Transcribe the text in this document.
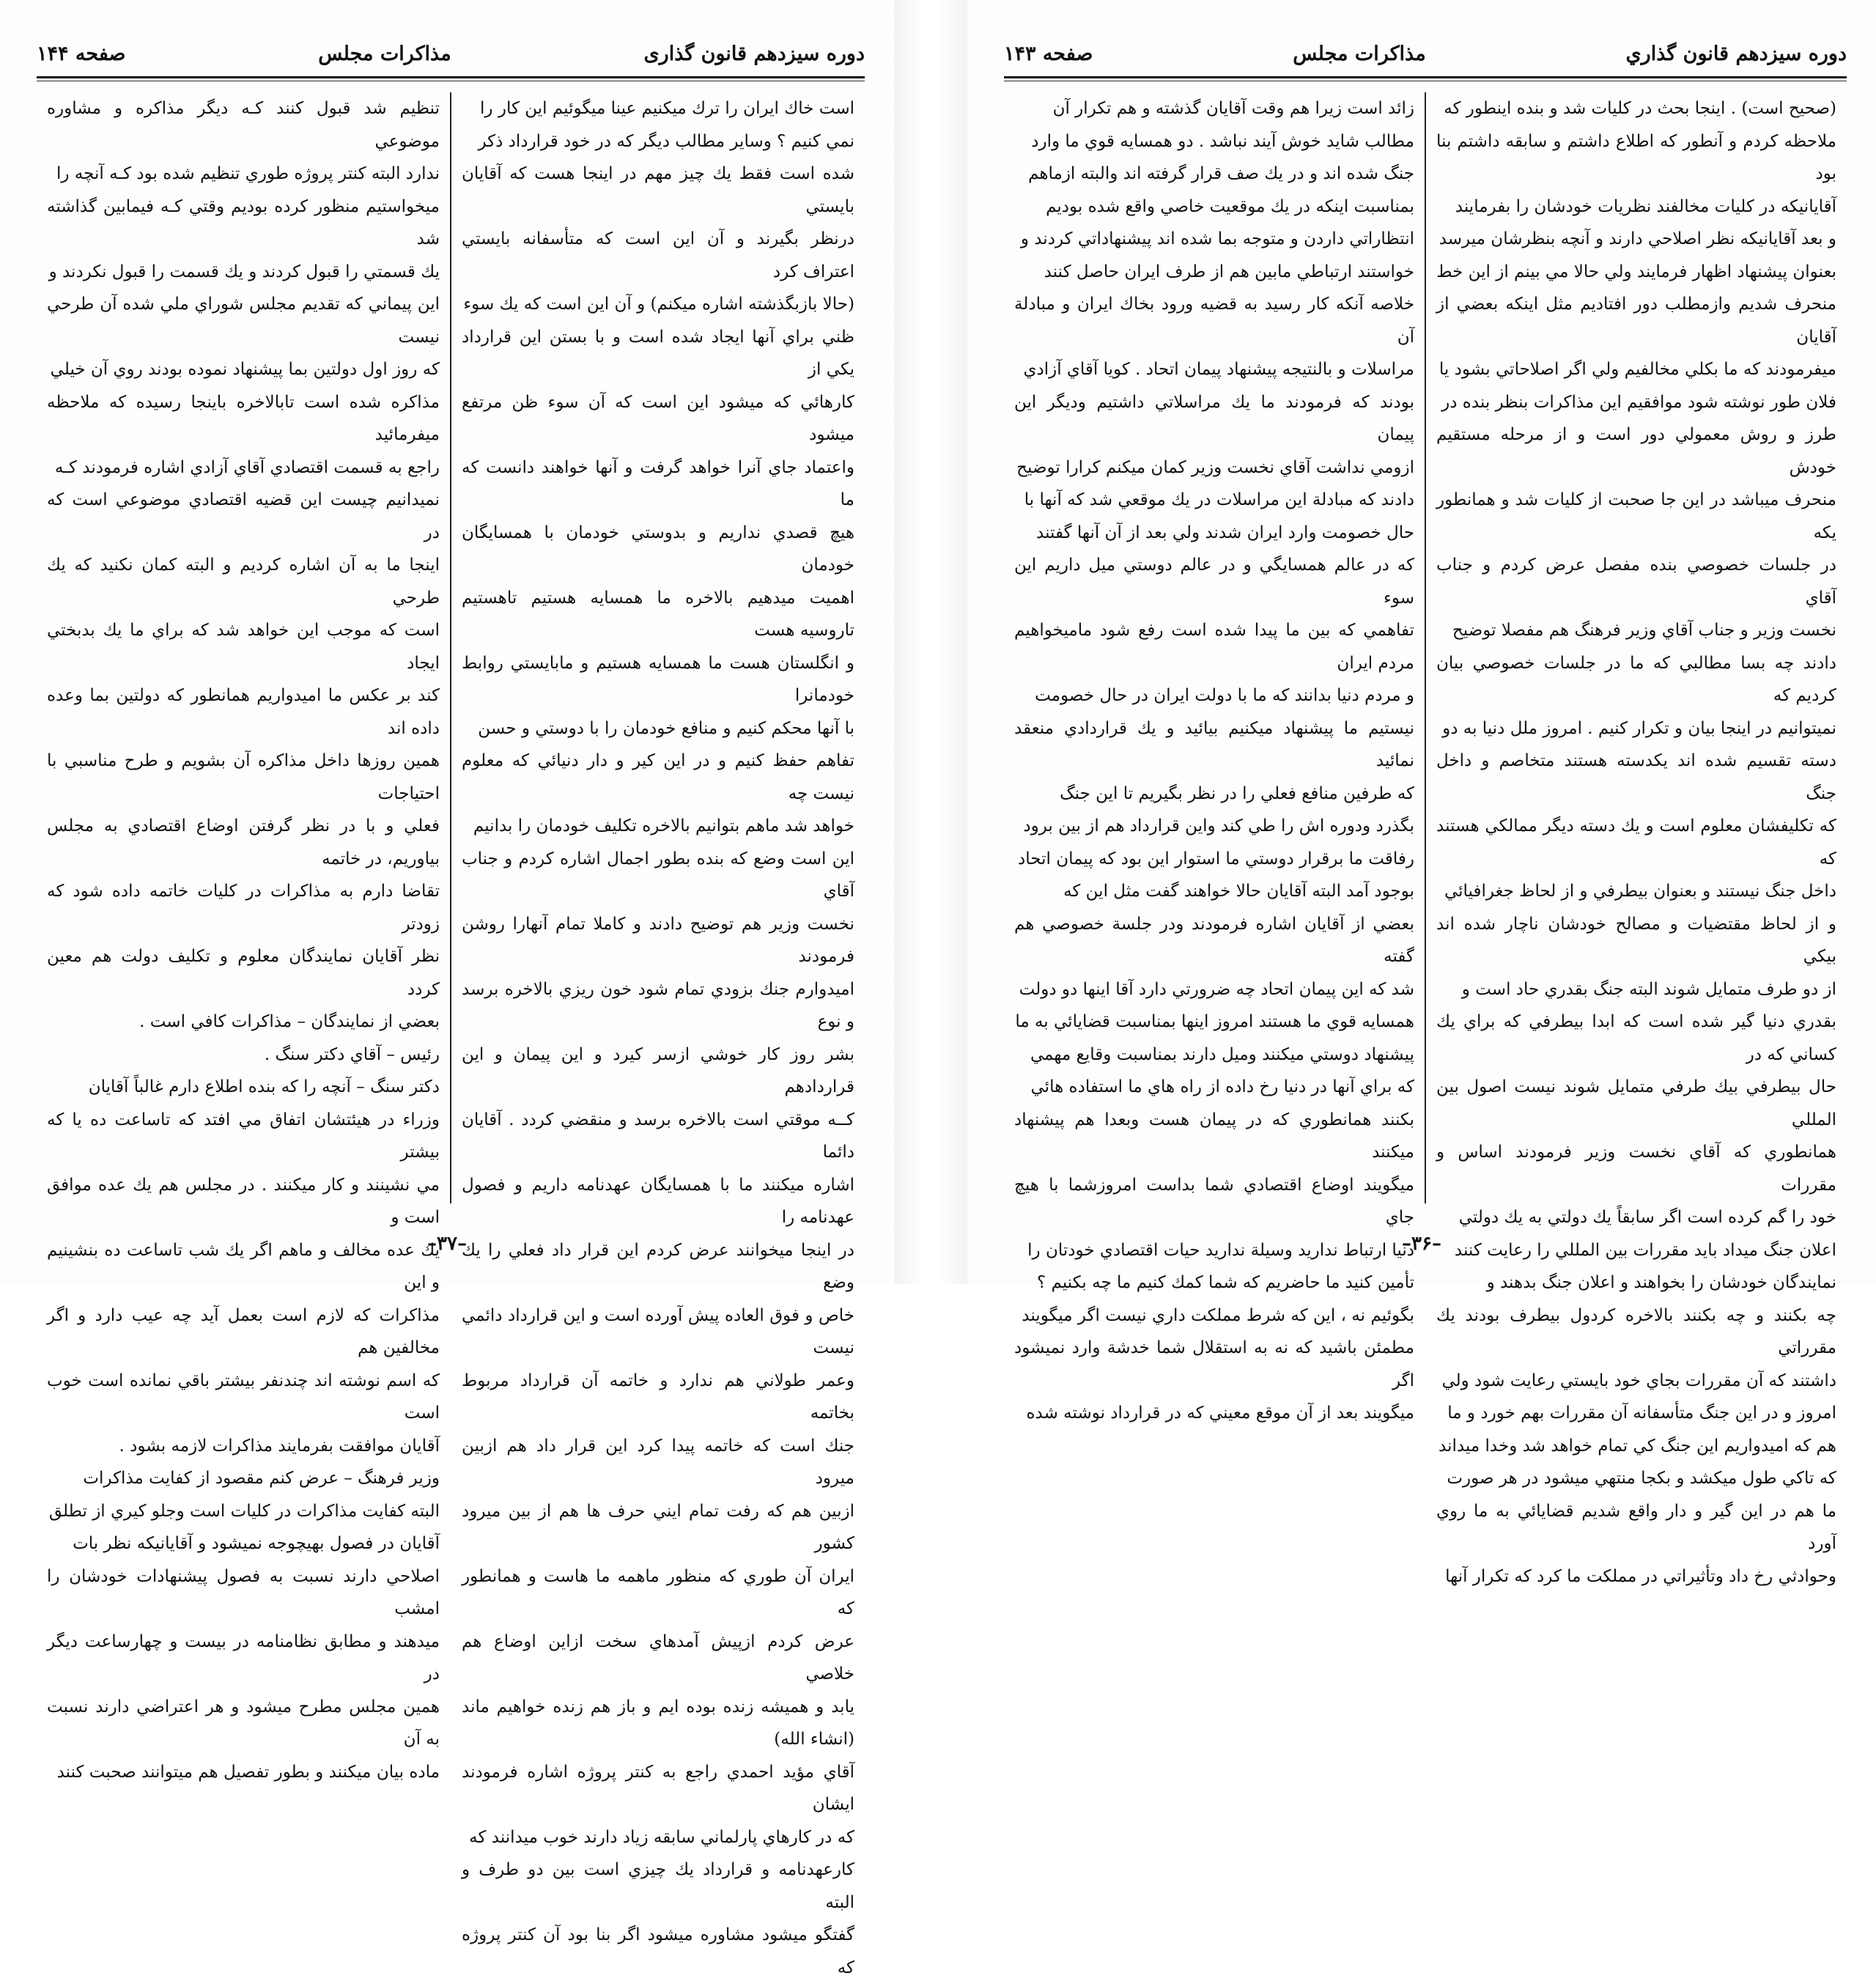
دوره سیزدهم قانون گذاری
مذاکرات مجلس
صفحه ۱۴۴

است خاك ايران را ترك ميكنيم عينا ميگوئيم اين كار را

نمي كنيم ؟ وساير مطالب ديگر كه در خود قرارداد ذكر

شده است فقط يك چيز مهم در اينجا هست كه آقايان بايستي

درنظر بگيرند و آن اين است كه متأسفانه بايستي اعتراف كرد

(حالا بازبگذشته اشاره ميكنم) و آن اين است كه يك سوء

ظني براي آنها ايجاد شده است و با بستن اين قرارداد يكي از

كارهائي كه ميشود اين است كه آن سوء ظن مرتفع ميشود

واعتماد جاي آنرا خواهد گرفت و آنها خواهند دانست كه ما

هيچ قصدي نداريم و بدوستي خودمان با همسايگان خودمان

اهميت ميدهيم بالاخره ما همسايه هستيم تاهستيم تاروسيه هست

و انگلستان هست ما همسايه هستيم و مابايستي روابط خودمانرا

با آنها محكم كنيم و منافع خودمان را با دوستي و حسن

تفاهم حفظ كنيم و در اين كير و دار دنيائي كه معلوم نيست چه

خواهد شد ماهم بتوانيم بالاخره تكليف خودمان را بدانيم

اين است وضع كه بنده بطور اجمال اشاره كردم و جناب آقاي

نخست وزير هم توضيح دادند و كاملا تمام آنهارا روشن فرمودند

اميدوارم جنك بزودي تمام شود خون ريزي بالاخره برسد و نوع

بشر روز كار خوشي ازسر كيرد و اين پيمان و اين قراردادهم

كــه موقتي است بالاخره برسد و منقضي كردد . آقايان دائما

اشاره ميكنند ما با همسايگان عهدنامه داريم و فصول عهدنامه را

در اينجا ميخوانند عرض كردم اين قرار داد فعلي را يك وضع

خاص و فوق العاده پيش آورده است و اين قرارداد دائمي نيست

وعمر طولاني هم ندارد و خاتمه آن قرارداد مربوط بخاتمه

جنك است كه خاتمه پيدا كرد اين قرار داد هم ازبين ميرود

ازبين هم كه رفت تمام ايني حرف ها هم از بين ميرود كشور

ايران آن طوري كه منظور ماهمه ما هاست و همانطور كه

عرض كردم ازپيش آمدهاي سخت ازاين اوضاع هم خلاصي

يابد و هميشه زنده بوده ايم و باز هم زنده خواهيم ماند (انشاء الله)

آقاي مؤيد احمدي راجع به كنتر پروژه اشاره فرمودند ايشان

كه در كارهاي پارلماني سابقه زياد دارند خوب ميدانند كه

كارعهدنامه و قرارداد يك چيزي است بين دو طرف و البته

گفتگو ميشود مشاوره ميشود اگر بنا بود آن كنتر پروژه كه

تنظيم شد قبول كنند كـه ديگر مذاكره و مشاوره موضوعي

ندارد البته كنتر پروژه طوري تنظيم شده بود كـه آنچه را

ميخواستيم منظور كرده بوديم وقتي كـه فيمابين گذاشته شد

يك قسمتي را قبول كردند و يك قسمت را قبول نكردند و

اين پيماني كه تقديم مجلس شوراي ملي شده آن طرحي نيست

كه روز اول دولتين بما پيشنهاد نموده بودند روي آن خيلي

مذاكره شده است تابالاخره باينجا رسيده كه ملاحظه ميفرمائيد

راجع به قسمت اقتصادي آقاي آزادي اشاره فرمودند كـه

نميدانيم چيست اين قضيه اقتصادي موضوعي است كه در

اينجا ما به آن اشاره كرديم و البته كمان نكنيد كه يك طرحي

است كه موجب اين خواهد شد كه براي ما يك بدبختي ايجاد

كند بر عكس ما اميدواريم همانطور كه دولتين بما وعده داده اند

همين روزها داخل مذاكره آن بشويم و طرح مناسبي با احتياجات

فعلي و با در نظر گرفتن اوضاع اقتصادي به مجلس بياوريم، در خاتمه

تقاضا دارم به مذاكرات در كليات خاتمه داده شود كه زودتر

نظر آقايان نمايندگان معلوم و تكليف دولت هم معين كردد

بعضي از نمايندگان – مذاكرات كافي است .

رئيس – آقاي دكتر سنگ .

دكتر سنگ – آنچه را كه بنده اطلاع دارم غالباً آقايان

وزراء در هيئتشان اتفاق مي افتد كه تاساعت ده يا كه بيشتر

مي نشينند و كار ميكنند . در مجلس هم يك عده موافق است و

يك عده مخالف و ماهم اگر يك شب تاساعت ده بنشينيم و اين

مذاكرات كه لازم است بعمل آيد چه عيب دارد و اگر مخالفين هم

كه اسم نوشته اند چندنفر بيشتر باقي نمانده است خوب است

آقايان موافقت بفرمايند مذاكرات لازمه بشود .

وزير فرهنگ – عرض كنم مقصود از كفايت مذاكرات

البته كفايت مذاكرات در كليات است وجلو كيري از تطلق

آقايان در فصول بهيچوجه نميشود و آقايانيكه نظر بات

اصلاحي دارند نسبت به فصول پيشنهادات خودشان را امشب

ميدهند و مطابق نظامنامه در بيست و چهارساعت ديگر در

همين مجلس مطرح ميشود و هر اعتراضي دارند نسبت به آن

ماده بيان ميكنند و بطور تفصيل هم ميتوانند صحبت كنند

–۳۷–
دوره سيزدهم قانون گذاري
مذاكرات مجلس
صفحه ۱۴۳

(صحيح است) . اينجا بحث در كليات شد و بنده اينطور كه

ملاحظه كردم و آنطور كه اطلاع داشتم و سابقه داشتم بنا بود

آقايانيكه در كليات مخالفند نظريات خودشان را بفرمايند

و بعد آقايانيكه نظر اصلاحي دارند و آنچه بنظرشان ميرسد

بعنوان پيشنهاد اظهار فرمايند ولي حالا مي بينم از اين خط

منحرف شديم وازمطلب دور افتاديم مثل اينكه بعضي از آقايان

ميفرمودند كه ما بكلي مخالفيم ولي اگر اصلاحاتي بشود يا

فلان طور نوشته شود موافقيم اين مذاكرات بنظر بنده در

طرز و روش معمولي دور است و از مرحله مستقيم خودش

منحرف ميباشد در اين جا صحبت از كليات شد و همانطور يكه

در جلسات خصوصي بنده مفصل عرض كردم و جناب آقاي

نخست وزير و جناب آقاي وزير فرهنگ هم مفصلا توضيح

دادند چه بسا مطالبي كه ما در جلسات خصوصي بيان كرديم كه

نميتوانيم در اينجا بيان و تكرار كنيم . امروز ملل دنيا به دو

دسته تقسيم شده اند يكدسته هستند متخاصم و داخل جنگ

كه تكليفشان معلوم است و يك دسته ديگر ممالكي هستند كه

داخل جنگ نيستند و بعنوان بيطرفي و از لحاظ جغرافيائي

و از لحاظ مقتضيات و مصالح خودشان ناچار شده اند بيكي

از دو طرف متمايل شوند البته جنگ بقدري حاد است و

بقدري دنيا گير شده است كه ابدا بيطرفي كه براي يك كساني كه در

حال بيطرفي بيك طرفي متمايل شوند نيست اصول بين المللي

همانطوري كه آقاي نخست وزير فرمودند اساس و مقررات

خود را گم كرده است اگر سابقاً يك دولتي به يك دولتي

اعلان جنگ ميداد بايد مقررات بين المللي را رعايت كنند

نمايندگان خودشان را بخواهند و اعلان جنگ بدهند و

چه بكنند و چه بكنند بالاخره كردول بيطرف بودند يك مقرراتي

داشتند كه آن مقررات بجاي خود بايستي رعايت شود ولي

امروز و در اين جنگ متأسفانه آن مقررات بهم خورد و ما

هم كه اميدواريم اين جنگ كي تمام خواهد شد وخدا ميداند

كه تاكي طول ميكشد و بكجا منتهي ميشود در هر صورت

ما هم در اين گير و دار واقع شديم قضايائي به ما روي آورد

وحوادثي رخ داد وتأثيراتي در مملكت ما كرد كه تكرار آنها

زائد است زيرا هم وقت آقايان گذشته و هم تكرار آن

مطالب شايد خوش آيند نباشد . دو همسايه قوي ما وارد

جنگ شده اند و در يك صف قرار گرفته اند والبته ازماهم

بمناسبت اينكه در يك موقعيت خاصي واقع شده بوديم

انتظاراتي داردن و متوجه بما شده اند پيشنهاداتي كردند و

خواستند ارتباطي مابين هم از طرف ايران حاصل كنند

خلاصه آنكه كار رسيد به قضيه ورود بخاك ايران و مبادلة آن

مراسلات و بالنتيجه پيشنهاد پيمان اتحاد . كويا آقاي آزادي

بودند كه فرمودند ما يك مراسلاتي داشتيم وديگر اين پيمان

ازومي نداشت آقاي نخست وزير كمان ميكنم كرارا توضيح

دادند كه مبادلة اين مراسلات در يك موقعي شد كه آنها با

حال خصومت وارد ايران شدند ولي بعد از آن آنها گفتند

كه در عالم همسايگي و در عالم دوستي ميل داريم اين سوء

تفاهمي كه بين ما پيدا شده است رفع شود ماميخواهيم مردم ايران

و مردم دنيا بدانند كه ما با دولت ايران در حال خصومت

نيستيم ما پيشنهاد ميكنيم بيائيد و يك قراردادي منعقد نمائيد

كه طرفين منافع فعلي را در نظر بگيريم تا اين جنگ

بگذرد ودوره اش را طي كند واين قرارداد هم از بين برود

رفاقت ما برقرار دوستي ما استوار اين بود كه پيمان اتحاد

بوجود آمد البته آقايان حالا خواهند گفت مثل اين كه

بعضي از آقايان اشاره فرمودند ودر جلسة خصوصي هم گفته

شد كه اين پيمان اتحاد چه ضرورتي دارد آقا اينها دو دولت

همسايه قوي ما هستند امروز اينها بمناسبت قضايائي به ما

پيشنهاد دوستي ميكنند وميل دارند بمناسبت وقايع مهمي

كه براي آنها در دنيا رخ داده از راه هاي ما استفاده هائي

بكنند همانطوري كه در پيمان هست وبعدا هم پيشنهاد ميكنند

ميگويند اوضاع اقتصادي شما بداست امروزشما با هيچ جاي

دنيا ارتباط نداريد وسيلة نداريد حيات اقتصادي خودتان را

تأمين كنيد ما حاضريم كه شما كمك كنيم ما چه بكنيم ؟

بگوئيم نه ، اين كه شرط مملكت داري نيست اگر ميگويند

مطمئن باشيد كه نه به استقلال شما خدشة وارد نميشود اگر

ميگويند بعد از آن موقع معيني كه در قرارداد نوشته شده

–۳۶–
